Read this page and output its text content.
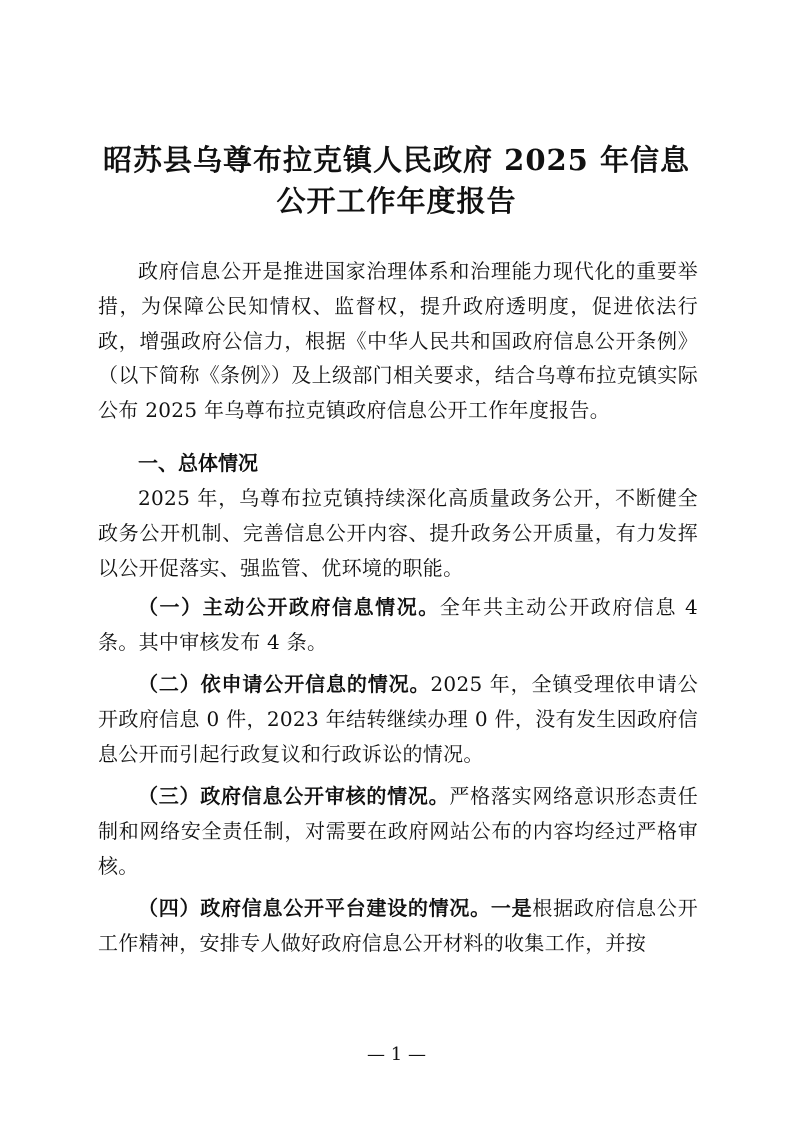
昭苏县乌尊布拉克镇人民政府 2025 年信息
公开工作年度报告

政府信息公开是推进国家治理体系和治理能力现代化的重要举措，为保障公民知情权、监督权，提升政府透明度，促进依法行政，增强政府公信力，根据《中华人民共和国政府信息公开条例》（以下简称《条例》）及上级部门相关要求，结合乌尊布拉克镇实际公布 2025 年乌尊布拉克镇政府信息公开工作年度报告。

一、总体情况

2025 年，乌尊布拉克镇持续深化高质量政务公开，不断健全政务公开机制、完善信息公开内容、提升政务公开质量，有力发挥以公开促落实、强监管、优环境的职能。

（一）主动公开政府信息情况。全年共主动公开政府信息 4 条。其中审核发布 4 条。

（二）依申请公开信息的情况。2025 年，全镇受理依申请公开政府信息 0 件，2023 年结转继续办理 0 件，没有发生因政府信息公开而引起行政复议和行政诉讼的情况。

（三）政府信息公开审核的情况。严格落实网络意识形态责任制和网络安全责任制，对需要在政府网站公布的内容均经过严格审核。

（四）政府信息公开平台建设的情况。一是根据政府信息公开工作精神，安排专人做好政府信息公开材料的收集工作，并按

— 1 —
